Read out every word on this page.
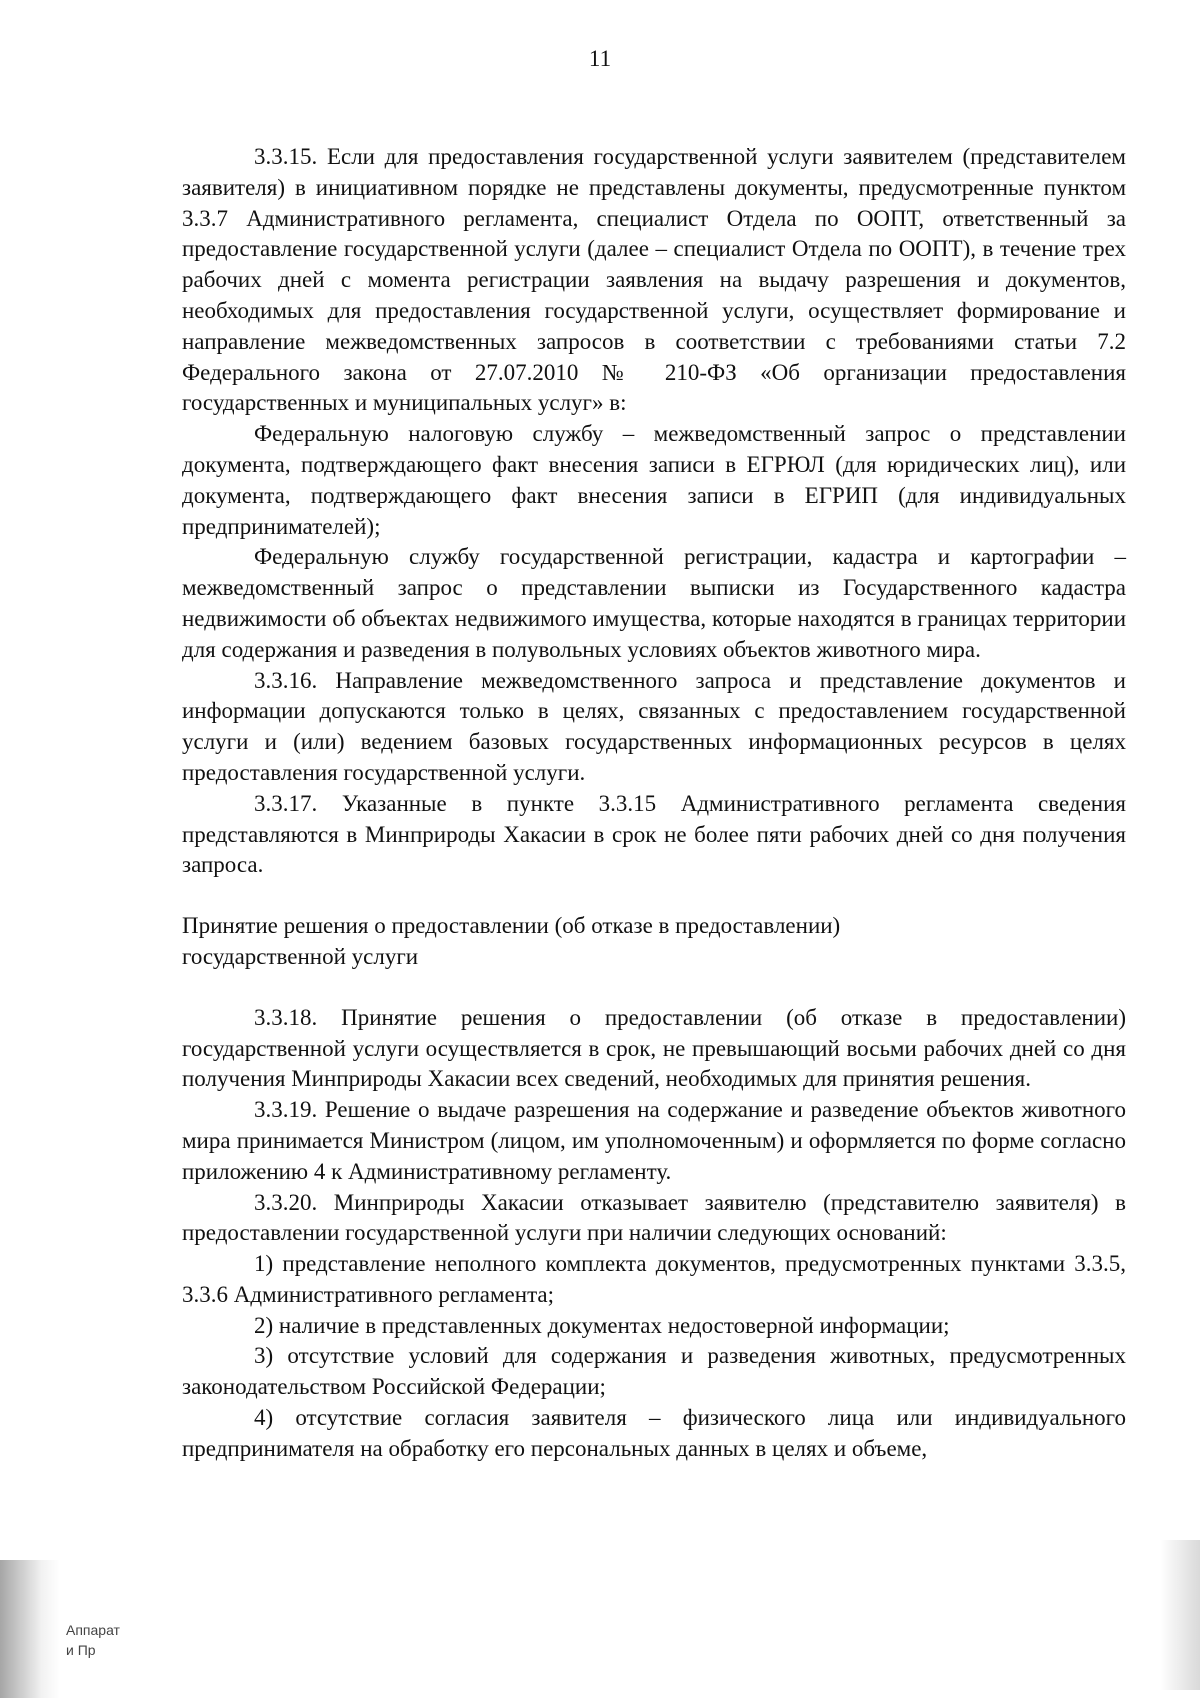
11

3.3.15. Если для предоставления государственной услуги заявителем (представителем заявителя) в инициативном порядке не представлены документы, предусмотренные пунктом 3.3.7 Административного регламента, специалист Отдела по ООПТ, ответственный за предоставление государственной услуги (далее – специалист Отдела по ООПТ), в течение трех рабочих дней с момента регистрации заявления на выдачу разрешения и документов, необходимых для предоставления государственной услуги, осуществляет формирование и направление межведомственных запросов в соответствии с требованиями статьи 7.2 Федерального закона от 27.07.2010 № 210-ФЗ «Об организации предоставления государственных и муниципальных услуг» в:

Федеральную налоговую службу – межведомственный запрос о представлении документа, подтверждающего факт внесения записи в ЕГРЮЛ (для юридических лиц), или документа, подтверждающего факт внесения записи в ЕГРИП (для индивидуальных предпринимателей);

Федеральную службу государственной регистрации, кадастра и картографии – межведомственный запрос о представлении выписки из Государственного кадастра недвижимости об объектах недвижимого имущества, которые находятся в границах территории для содержания и разведения в полувольных условиях объектов животного мира.

3.3.16. Направление межведомственного запроса и представление документов и информации допускаются только в целях, связанных с предоставлением государственной услуги и (или) ведением базовых государственных информационных ресурсов в целях предоставления государственной услуги.

3.3.17. Указанные в пункте 3.3.15 Административного регламента сведения представляются в Минприроды Хакасии в срок не более пяти рабочих дней со дня получения запроса.

Принятие решения о предоставлении (об отказе в предоставлении)
государственной услуги

3.3.18. Принятие решения о предоставлении (об отказе в предоставлении) государственной услуги осуществляется в срок, не превышающий восьми рабочих дней со дня получения Минприроды Хакасии всех сведений, необходимых для принятия решения.

3.3.19. Решение о выдаче разрешения на содержание и разведение объектов животного мира принимается Министром (лицом, им уполномоченным) и оформляется по форме согласно приложению 4 к Административному регламенту.

3.3.20. Минприроды Хакасии отказывает заявителю (представителю заявителя) в предоставлении государственной услуги при наличии следующих оснований:

1) представление неполного комплекта документов, предусмотренных пунктами 3.3.5, 3.3.6 Административного регламента;

2) наличие в представленных документах недостоверной информации;

3) отсутствие условий для содержания и разведения животных, предусмотренных законодательством Российской Федерации;

4) отсутствие согласия заявителя – физического лица или индивидуального предпринимателя на обработку его персональных данных в целях и объеме,

Аппарат
и Пр
